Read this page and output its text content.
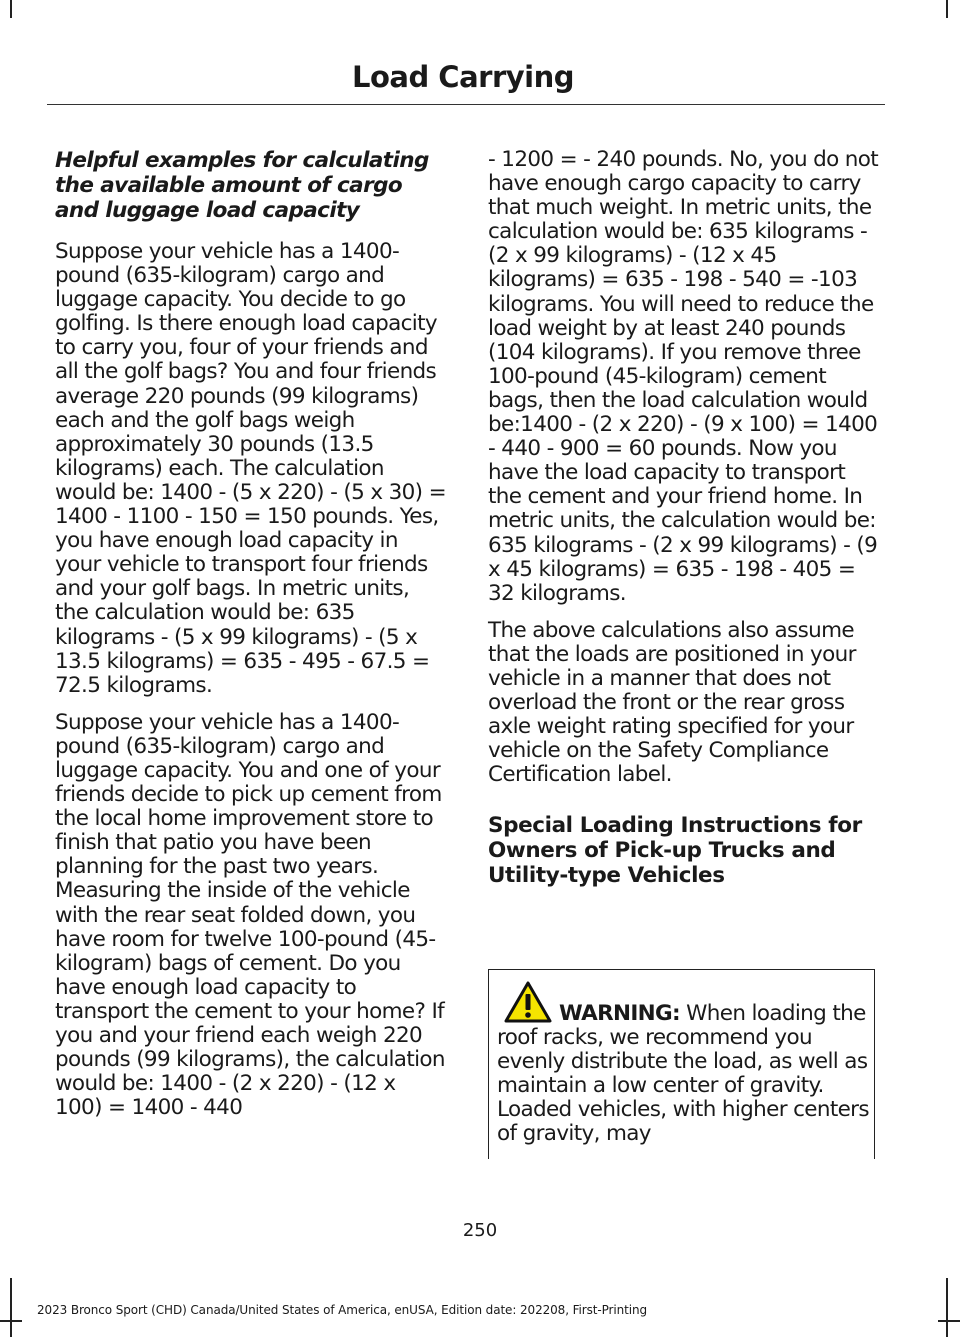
Load Carrying
Helpful examples for calculating the available amount of cargo and luggage load capacity

Suppose your vehicle has a 1400-pound (635-kilogram) cargo and luggage capacity. You decide to go golfing. Is there enough load capacity to carry you, four of your friends and all the golf bags? You and four friends average 220 pounds (99 kilograms) each and the golf bags weigh approximately 30 pounds (13.5 kilograms) each. The calculation would be: 1400 - (5 x 220) - (5 x 30) = 1400 - 1100 - 150 = 150 pounds. Yes, you have enough load capacity in your vehicle to transport four friends and your golf bags. In metric units, the calculation would be: 635 kilograms - (5 x 99 kilograms) - (5 x 13.5 kilograms) = 635 - 495 - 67.5 = 72.5 kilograms.

Suppose your vehicle has a 1400-pound (635-kilogram) cargo and luggage capacity. You and one of your friends decide to pick up cement from the local home improvement store to finish that patio you have been planning for the past two years. Measuring the inside of the vehicle with the rear seat folded down, you have room for twelve 100-pound (45-kilogram) bags of cement. Do you have enough load capacity to transport the cement to your home? If you and your friend each weigh 220 pounds (99 kilograms), the calculation would be: 1400 - (2 x 220) - (12 x 100) = 1400 - 440

- 1200 = - 240 pounds. No, you do not have enough cargo capacity to carry that much weight. In metric units, the calculation would be: 635 kilograms - (2 x 99 kilograms) - (12 x 45 kilograms) = 635 - 198 - 540 = -103 kilograms. You will need to reduce the load weight by at least 240 pounds (104 kilograms). If you remove three 100-pound (45-kilogram) cement bags, then the load calculation would be:1400 - (2 x 220) - (9 x 100) = 1400 - 440 - 900 = 60 pounds. Now you have the load capacity to transport the cement and your friend home. In metric units, the calculation would be: 635 kilograms - (2 x 99 kilograms) - (9 x 45 kilograms) = 635 - 198 - 405 = 32 kilograms.

The above calculations also assume that the loads are positioned in your vehicle in a manner that does not overload the front or the rear gross axle weight rating specified for your vehicle on the Safety Compliance Certification label.

Special Loading Instructions for Owners of Pick-up Trucks and Utility-type Vehicles
WARNING: When loading the roof racks, we recommend you evenly distribute the load, as well as maintain a low center of gravity. Loaded vehicles, with higher centers of gravity, may
250
2023 Bronco Sport (CHD) Canada/United States of America, enUSA, Edition date: 202208, First-Printing
